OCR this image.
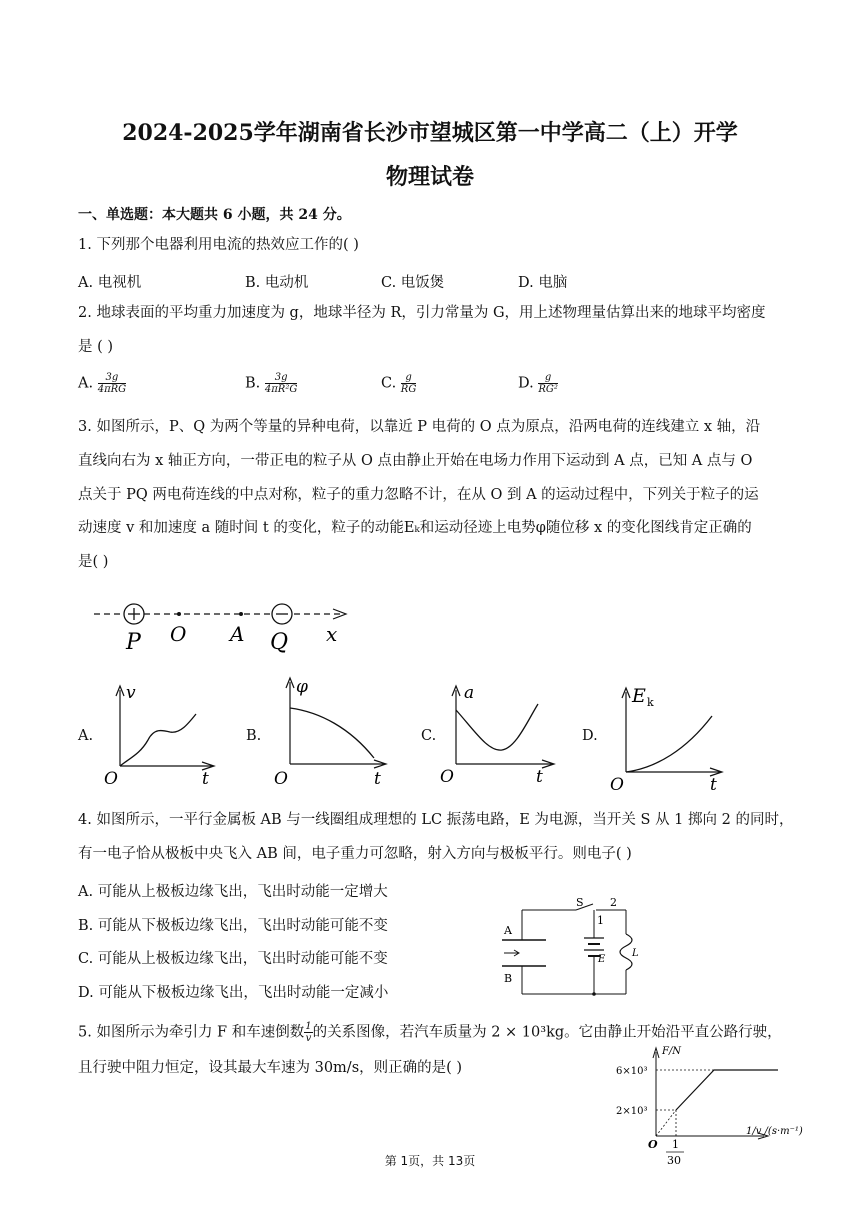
2024-2025学年湖南省长沙市望城区第一中学高二（上）开学
物理试卷
一、单选题：本大题共 6 小题，共 24 分。
1. 下列那个电器利用电流的热效应工作的( )
A. 电视机	B. 电动机	C. 电饭煲	D. 电脑
2. 地球表面的平均重力加速度为 g，地球半径为 R，引力常量为 G，用上述物理量估算出来的地球平均密度
是 ( )
A. $\frac{3g}{\text{4πRG}}$	B. $\frac{3g}{\text{4πR²G}}$	C. $\frac{g}{RG}$	D. $\frac{g}{\text{RG²}}$
3. 如图所示，P、Q 为两个等量的异种电荷，以靠近 P 电荷的 O 点为原点，沿两电荷的连线建立 x 轴，沿
直线向右为 x 轴正方向，一带正电的粒子从 O 点由静止开始在电场力作用下运动到 A 点，已知 A 点与 O
点关于 PQ 两电荷连线的中点对称，粒子的重力忽略不计，在从 O 到 A 的运动过程中，下列关于粒子的运
动速度 v 和加速度 a 随时间 t 的变化，粒子的动能Eₖ和运动径迹上电势φ随位移 x 的变化图线肯定正确的
是( )
P O A Q x
A.
v
t
O
B.
φ
t
O
C.
a
t
O
D.
E k
t
O
4. 如图所示，一平行金属板 AB 与一线圈组成理想的 LC 振荡电路，E 为电源，当开关 S 从 1 掷向 2 的同时，
有一电子恰从极板中央飞入 AB 间，电子重力可忽略，射入方向与极板平行。则电子( )
A. 可能从上极板边缘飞出，飞出时动能一定增大
B. 可能从下极板边缘飞出，飞出时动能可能不变
C. 可能从上极板边缘飞出，飞出时动能可能不变
D. 可能从下极板边缘飞出，飞出时动能一定减小
A
B
S
1
2
E
L
5. 如图所示为牵引力 F 和车速倒数 $\frac{1}{v}$ 的关系图像，若汽车质量为 2 × 10³kg。它由静止开始沿平直公路行驶，
且行驶中阻力恒定，设其最大车速为 30m/s，则正确的是( )
F/N
6×10³
2×10³
1/v /(s·m⁻¹)
O 1
30
第 1页，共 13页
